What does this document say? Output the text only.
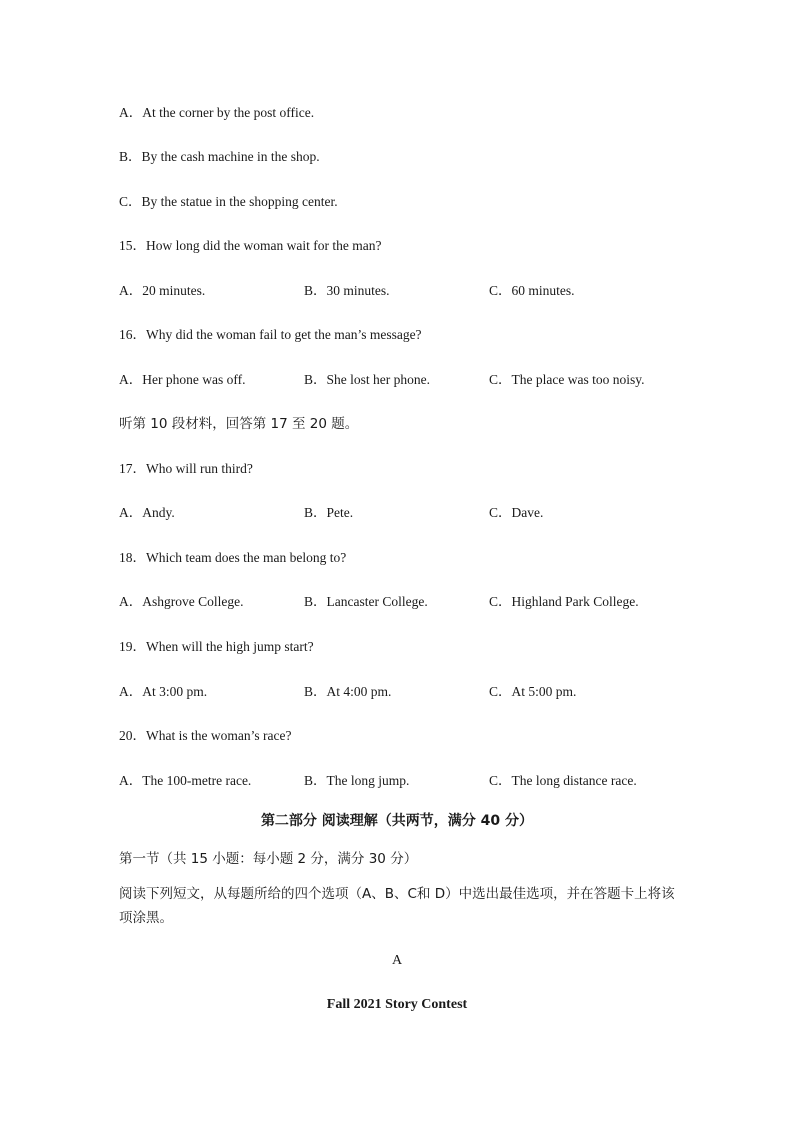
A．At the corner by the post office.
B．By the cash machine in the shop.
C．By the statue in the shopping center.
15．How long did the woman wait for the man?
A．20 minutes.	B．30 minutes.	C．60 minutes.
16．Why did the woman fail to get the man’s message?
A．Her phone was off.	B．She lost her phone.	C．The place was too noisy.
听第 10 段材料，回答第 17 至 20 题。
17．Who will run third?
A．Andy.	B．Pete.	C．Dave.
18．Which team does the man belong to?
A．Ashgrove College.	B．Lancaster College.	C．Highland Park College.
19．When will the high jump start?
A．At 3:00 pm.	B．At 4:00 pm.	C．At 5:00 pm.
20．What is the woman’s race?
A．The 100-metre race.	B．The long jump.	C．The long distance race.
第二部分 阅读理解（共两节，满分 40 分）
第一节（共 15 小题：每小题 2 分，满分 30 分）
阅读下列短文，从每题所给的四个选项（A、B、C和 D）中选出最佳选项，并在答题卡上将该项涂黑。
A
Fall 2021 Story Contest
